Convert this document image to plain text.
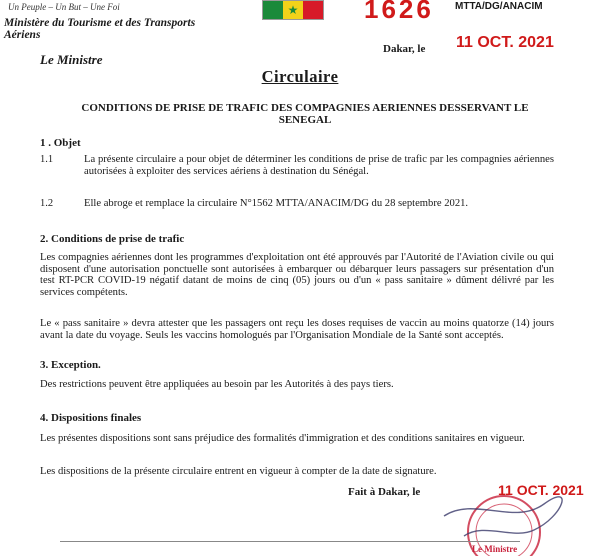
Un Peuple – Un But – Une Foi
Ministère du Tourisme et des Transports Aériens
Le Ministre
★	1626 MTTA/DG/ANACIM
Dakar, le 11 OCT. 2021
Circulaire
CONDITIONS DE PRISE DE TRAFIC DES COMPAGNIES AERIENNES DESSERVANT LE SENEGAL
1 . Objet
1.1	La présente circulaire a pour objet de déterminer les conditions de prise de trafic par les compagnies aériennes autorisées à exploiter des services aériens à destination du Sénégal.
1.2	Elle abroge et remplace la circulaire N°1562 MTTA/ANACIM/DG du 28 septembre 2021.
2. Conditions de prise de trafic
Les compagnies aériennes dont les programmes d'exploitation ont été approuvés par l'Autorité de l'Aviation civile ou qui disposent d'une autorisation ponctuelle sont autorisées à embarquer ou débarquer leurs passagers sur présentation d'un test RT-PCR COVID-19 négatif datant de moins de cinq (05) jours ou d'un « pass sanitaire » dûment délivré par les services compétents.
Le « pass sanitaire » devra attester que les passagers ont reçu les doses requises de vaccin au moins quatorze (14) jours avant la date du voyage. Seuls les vaccins homologués par l'Organisation Mondiale de la Santé sont acceptés.
3. Exception.
Des restrictions peuvent être appliquées au besoin par les Autorités à des pays tiers.
4. Dispositions finales
Les présentes dispositions sont sans préjudice des formalités d'immigration et des conditions sanitaires en vigueur.
Les dispositions de la présente circulaire entrent en vigueur à compter de la date de signature.
Le Ministre
Fait à Dakar, le	11 OCT. 2021
